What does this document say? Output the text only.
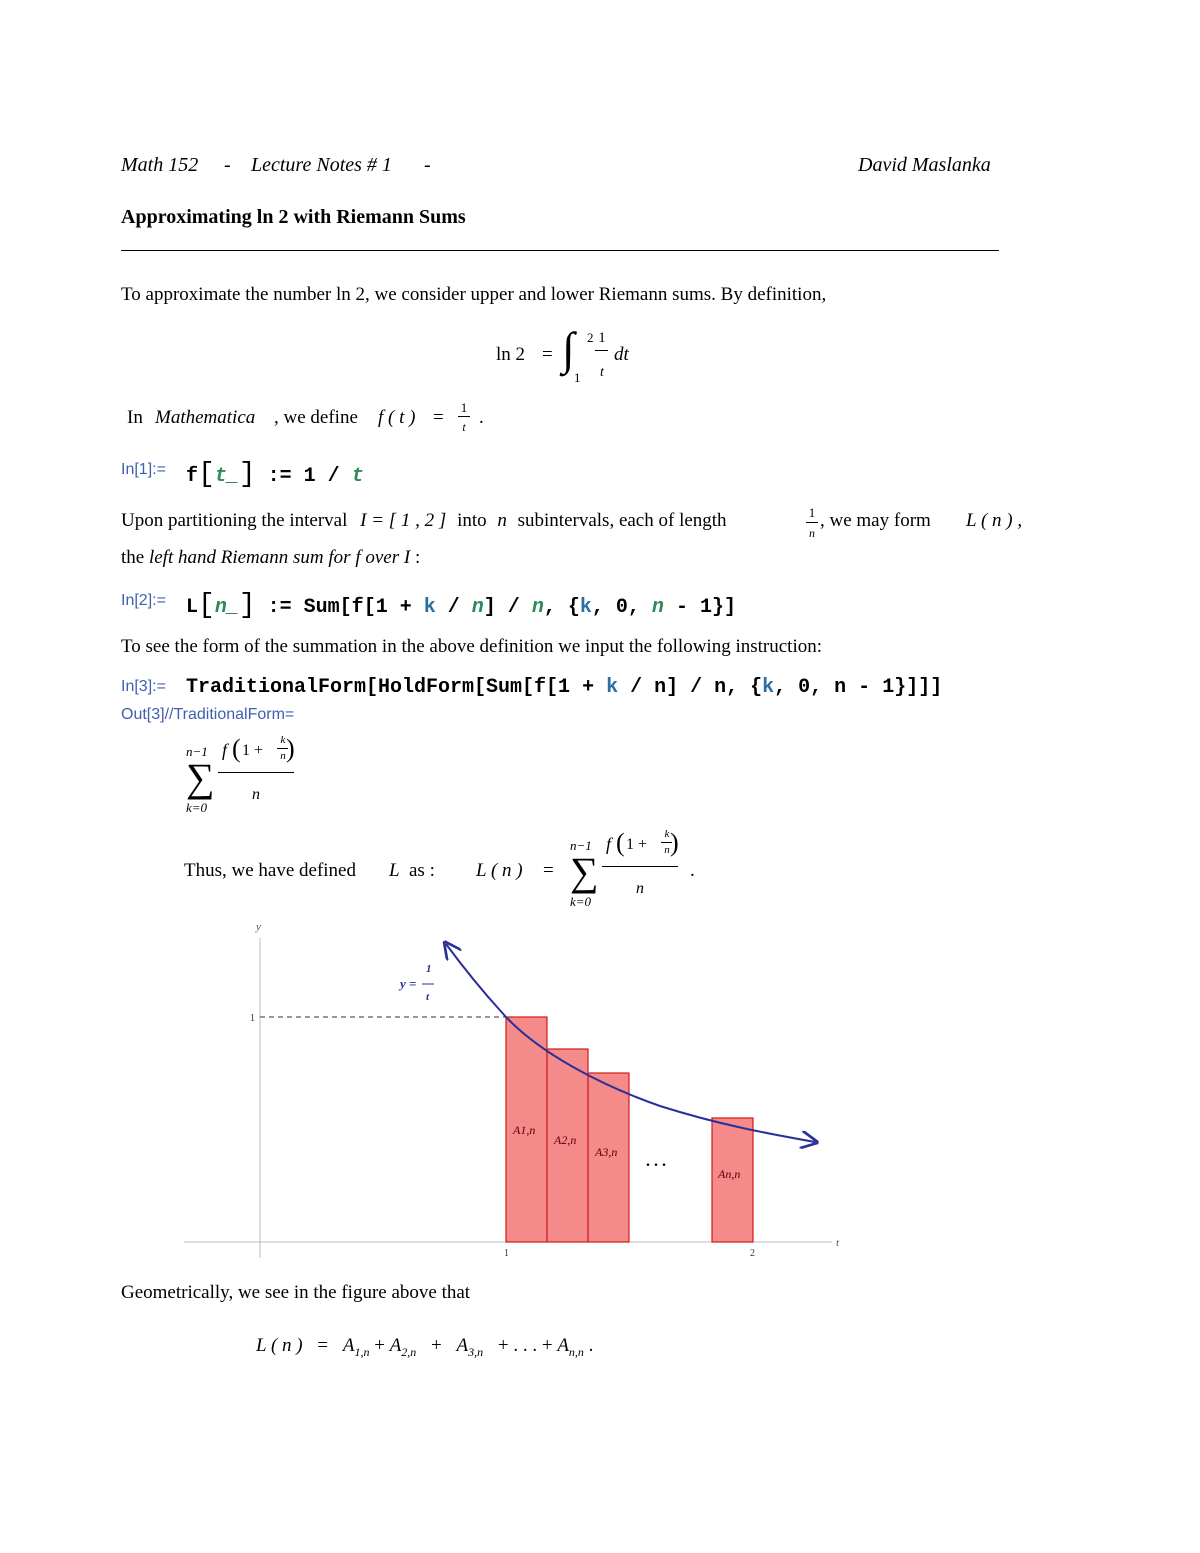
Math 152 - Lecture Notes # 1 -	David Maslanka
Approximating ln 2 with Riemann Sums
To approximate the number ln 2, we consider upper and lower Riemann sums. By definition,
ln 2 = ∫ 2
1
1
t
dt
In Mathematica , we define f ( t ) = 1
t .
In[1]:= f[t_] := 1 / t
Upon partitioning the interval I = [ 1 , 2 ] into n subintervals, each of length	1
n
, we may form L ( n ) ,
the left hand Riemann sum for f over I :
In[2]:= L[n_] := Sum[f[1 + k / n] / n, {k, 0, n - 1}]
To see the form of the summation in the above definition we input the following instruction:
In[3]:= TraditionalForm[HoldForm[Sum[f[1 + k / n] / n, {k, 0, n - 1}]]]
Out[3]//TraditionalForm=
n−1
∑
k=0
f ( 1 +
k
n )
n
Thus, we have defined L as : L ( n ) =
n−1
∑
k=0
f ( 1 +
k
n )
n
.
y
t
1
1	2
y =
1
t
A1,n
A2,n
A3,n
. . .
An,n
Geometrically, we see in the figure above that
L ( n ) = $A_{1,n} + A_{2,n} + A_{3,n}$ + . . . + $A_{n,n}$ .
